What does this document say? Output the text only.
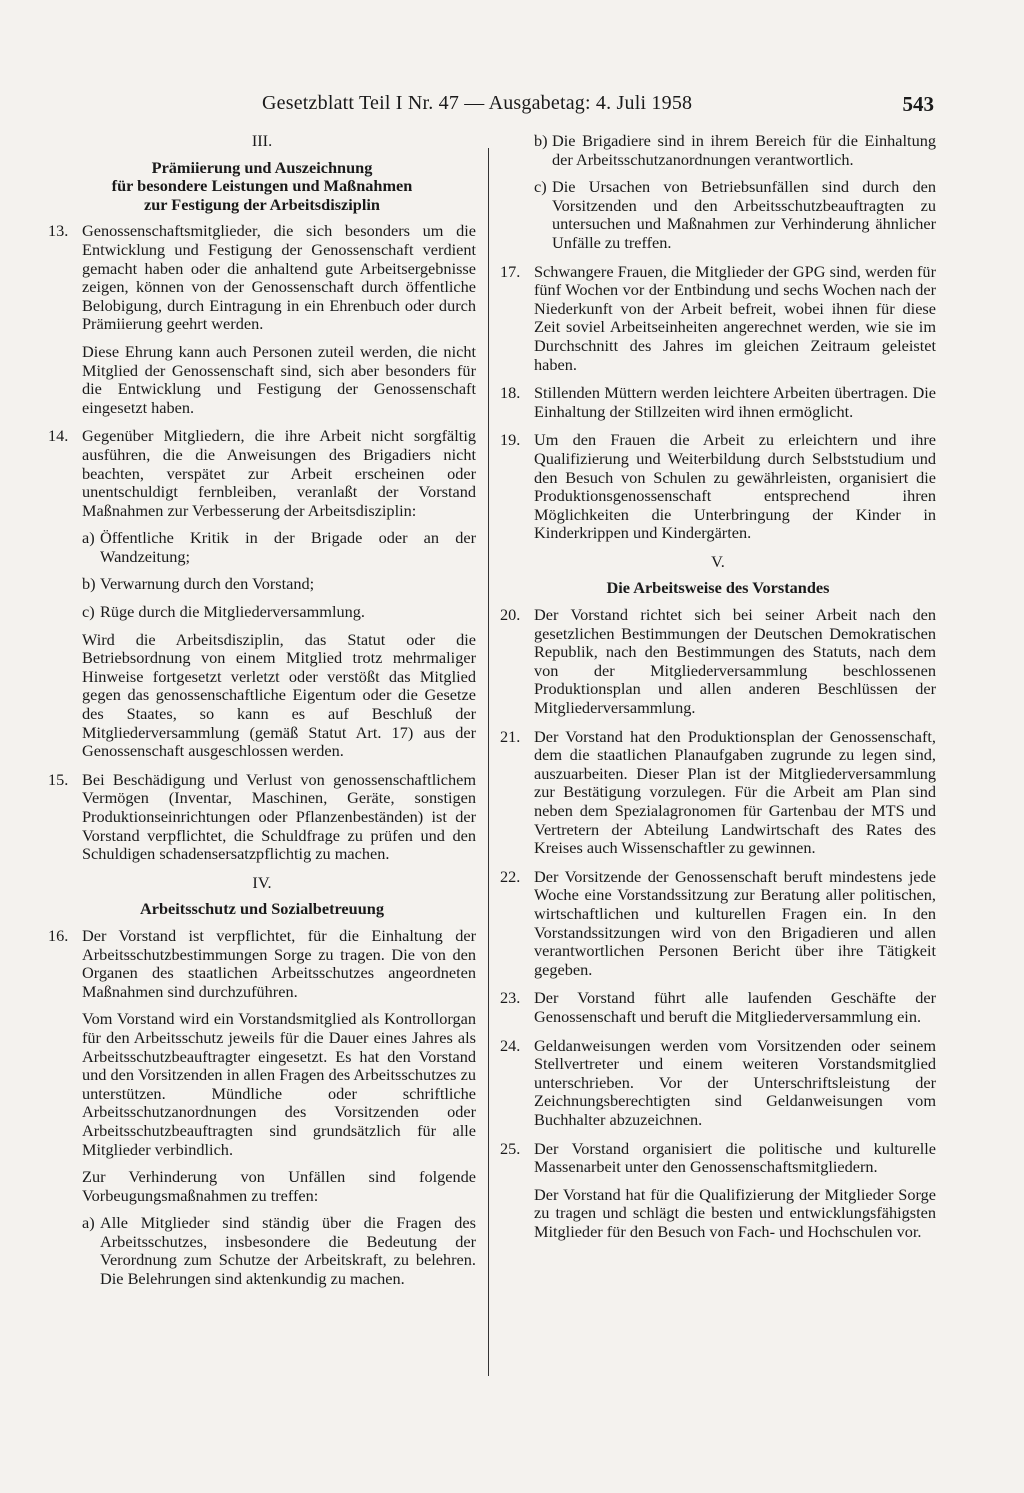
Gesetzblatt Teil I Nr. 47 — Ausgabetag: 4. Juli 1958	543
III.
Prämiierung und Auszeichnung
für besondere Leistungen und Maßnahmen
zur Festigung der Arbeitsdisziplin
13. Genossenschaftsmitglieder, die sich besonders um die Entwicklung und Festigung der Genossenschaft verdient gemacht haben oder die anhaltend gute Arbeitsergebnisse zeigen, können von der Genossenschaft durch öffentliche Belobigung, durch Eintragung in ein Ehrenbuch oder durch Prämiierung geehrt werden.
Diese Ehrung kann auch Personen zuteil werden, die nicht Mitglied der Genossenschaft sind, sich aber besonders für die Entwicklung und Festigung der Genossenschaft eingesetzt haben.
14. Gegenüber Mitgliedern, die ihre Arbeit nicht sorgfältig ausführen, die die Anweisungen des Brigadiers nicht beachten, verspätet zur Arbeit erscheinen oder unentschuldigt fernbleiben, veranlaßt der Vorstand Maßnahmen zur Verbesserung der Arbeitsdisziplin:
a) Öffentliche Kritik in der Brigade oder an der Wandzeitung;
b) Verwarnung durch den Vorstand;
c) Rüge durch die Mitgliederversammlung.
Wird die Arbeitsdisziplin, das Statut oder die Betriebsordnung von einem Mitglied trotz mehrmaliger Hinweise fortgesetzt verletzt oder verstößt das Mitglied gegen das genossenschaftliche Eigentum oder die Gesetze des Staates, so kann es auf Beschluß der Mitgliederversammlung (gemäß Statut Art. 17) aus der Genossenschaft ausgeschlossen werden.
15. Bei Beschädigung und Verlust von genossenschaftlichem Vermögen (Inventar, Maschinen, Geräte, sonstigen Produktionseinrichtungen oder Pflanzenbeständen) ist der Vorstand verpflichtet, die Schuldfrage zu prüfen und den Schuldigen schadensersatzpflichtig zu machen.
IV.
Arbeitsschutz und Sozialbetreuung
16. Der Vorstand ist verpflichtet, für die Einhaltung der Arbeitsschutzbestimmungen Sorge zu tragen. Die von den Organen des staatlichen Arbeitsschutzes angeordneten Maßnahmen sind durchzuführen.
Vom Vorstand wird ein Vorstandsmitglied als Kontrollorgan für den Arbeitsschutz jeweils für die Dauer eines Jahres als Arbeitsschutzbeauftragter eingesetzt. Es hat den Vorstand und den Vorsitzenden in allen Fragen des Arbeitsschutzes zu unterstützen. Mündliche oder schriftliche Arbeitsschutzanordnungen des Vorsitzenden oder Arbeitsschutzbeauftragten sind grundsätzlich für alle Mitglieder verbindlich.
Zur Verhinderung von Unfällen sind folgende Vorbeugungsmaßnahmen zu treffen:
a) Alle Mitglieder sind ständig über die Fragen des Arbeitsschutzes, insbesondere die Bedeutung der Verordnung zum Schutze der Arbeitskraft, zu belehren. Die Belehrungen sind aktenkundig zu machen.
b) Die Brigadiere sind in ihrem Bereich für die Einhaltung der Arbeitsschutzanordnungen verantwortlich.
c) Die Ursachen von Betriebsunfällen sind durch den Vorsitzenden und den Arbeitsschutzbeauftragten zu untersuchen und Maßnahmen zur Verhinderung ähnlicher Unfälle zu treffen.
17. Schwangere Frauen, die Mitglieder der GPG sind, werden für fünf Wochen vor der Entbindung und sechs Wochen nach der Niederkunft von der Arbeit befreit, wobei ihnen für diese Zeit soviel Arbeitseinheiten angerechnet werden, wie sie im Durchschnitt des Jahres im gleichen Zeitraum geleistet haben.
18. Stillenden Müttern werden leichtere Arbeiten übertragen. Die Einhaltung der Stillzeiten wird ihnen ermöglicht.
19. Um den Frauen die Arbeit zu erleichtern und ihre Qualifizierung und Weiterbildung durch Selbststudium und den Besuch von Schulen zu gewährleisten, organisiert die Produktionsgenossenschaft entsprechend ihren Möglichkeiten die Unterbringung der Kinder in Kinderkrippen und Kindergärten.
V.
Die Arbeitsweise des Vorstandes
20. Der Vorstand richtet sich bei seiner Arbeit nach den gesetzlichen Bestimmungen der Deutschen Demokratischen Republik, nach den Bestimmungen des Statuts, nach dem von der Mitgliederversammlung beschlossenen Produktionsplan und allen anderen Beschlüssen der Mitgliederversammlung.
21. Der Vorstand hat den Produktionsplan der Genossenschaft, dem die staatlichen Planaufgaben zugrunde zu legen sind, auszuarbeiten. Dieser Plan ist der Mitgliederversammlung zur Bestätigung vorzulegen. Für die Arbeit am Plan sind neben dem Spezialagronomen für Gartenbau der MTS und Vertretern der Abteilung Landwirtschaft des Rates des Kreises auch Wissenschaftler zu gewinnen.
22. Der Vorsitzende der Genossenschaft beruft mindestens jede Woche eine Vorstandssitzung zur Beratung aller politischen, wirtschaftlichen und kulturellen Fragen ein. In den Vorstandssitzungen wird von den Brigadieren und allen verantwortlichen Personen Bericht über ihre Tätigkeit gegeben.
23. Der Vorstand führt alle laufenden Geschäfte der Genossenschaft und beruft die Mitgliederversammlung ein.
24. Geldanweisungen werden vom Vorsitzenden oder seinem Stellvertreter und einem weiteren Vorstandsmitglied unterschrieben. Vor der Unterschriftsleistung der Zeichnungsberechtigten sind Geldanweisungen vom Buchhalter abzuzeichnen.
25. Der Vorstand organisiert die politische und kulturelle Massenarbeit unter den Genossenschaftsmitgliedern.
Der Vorstand hat für die Qualifizierung der Mitglieder Sorge zu tragen und schlägt die besten und entwicklungsfähigsten Mitglieder für den Besuch von Fach- und Hochschulen vor.
